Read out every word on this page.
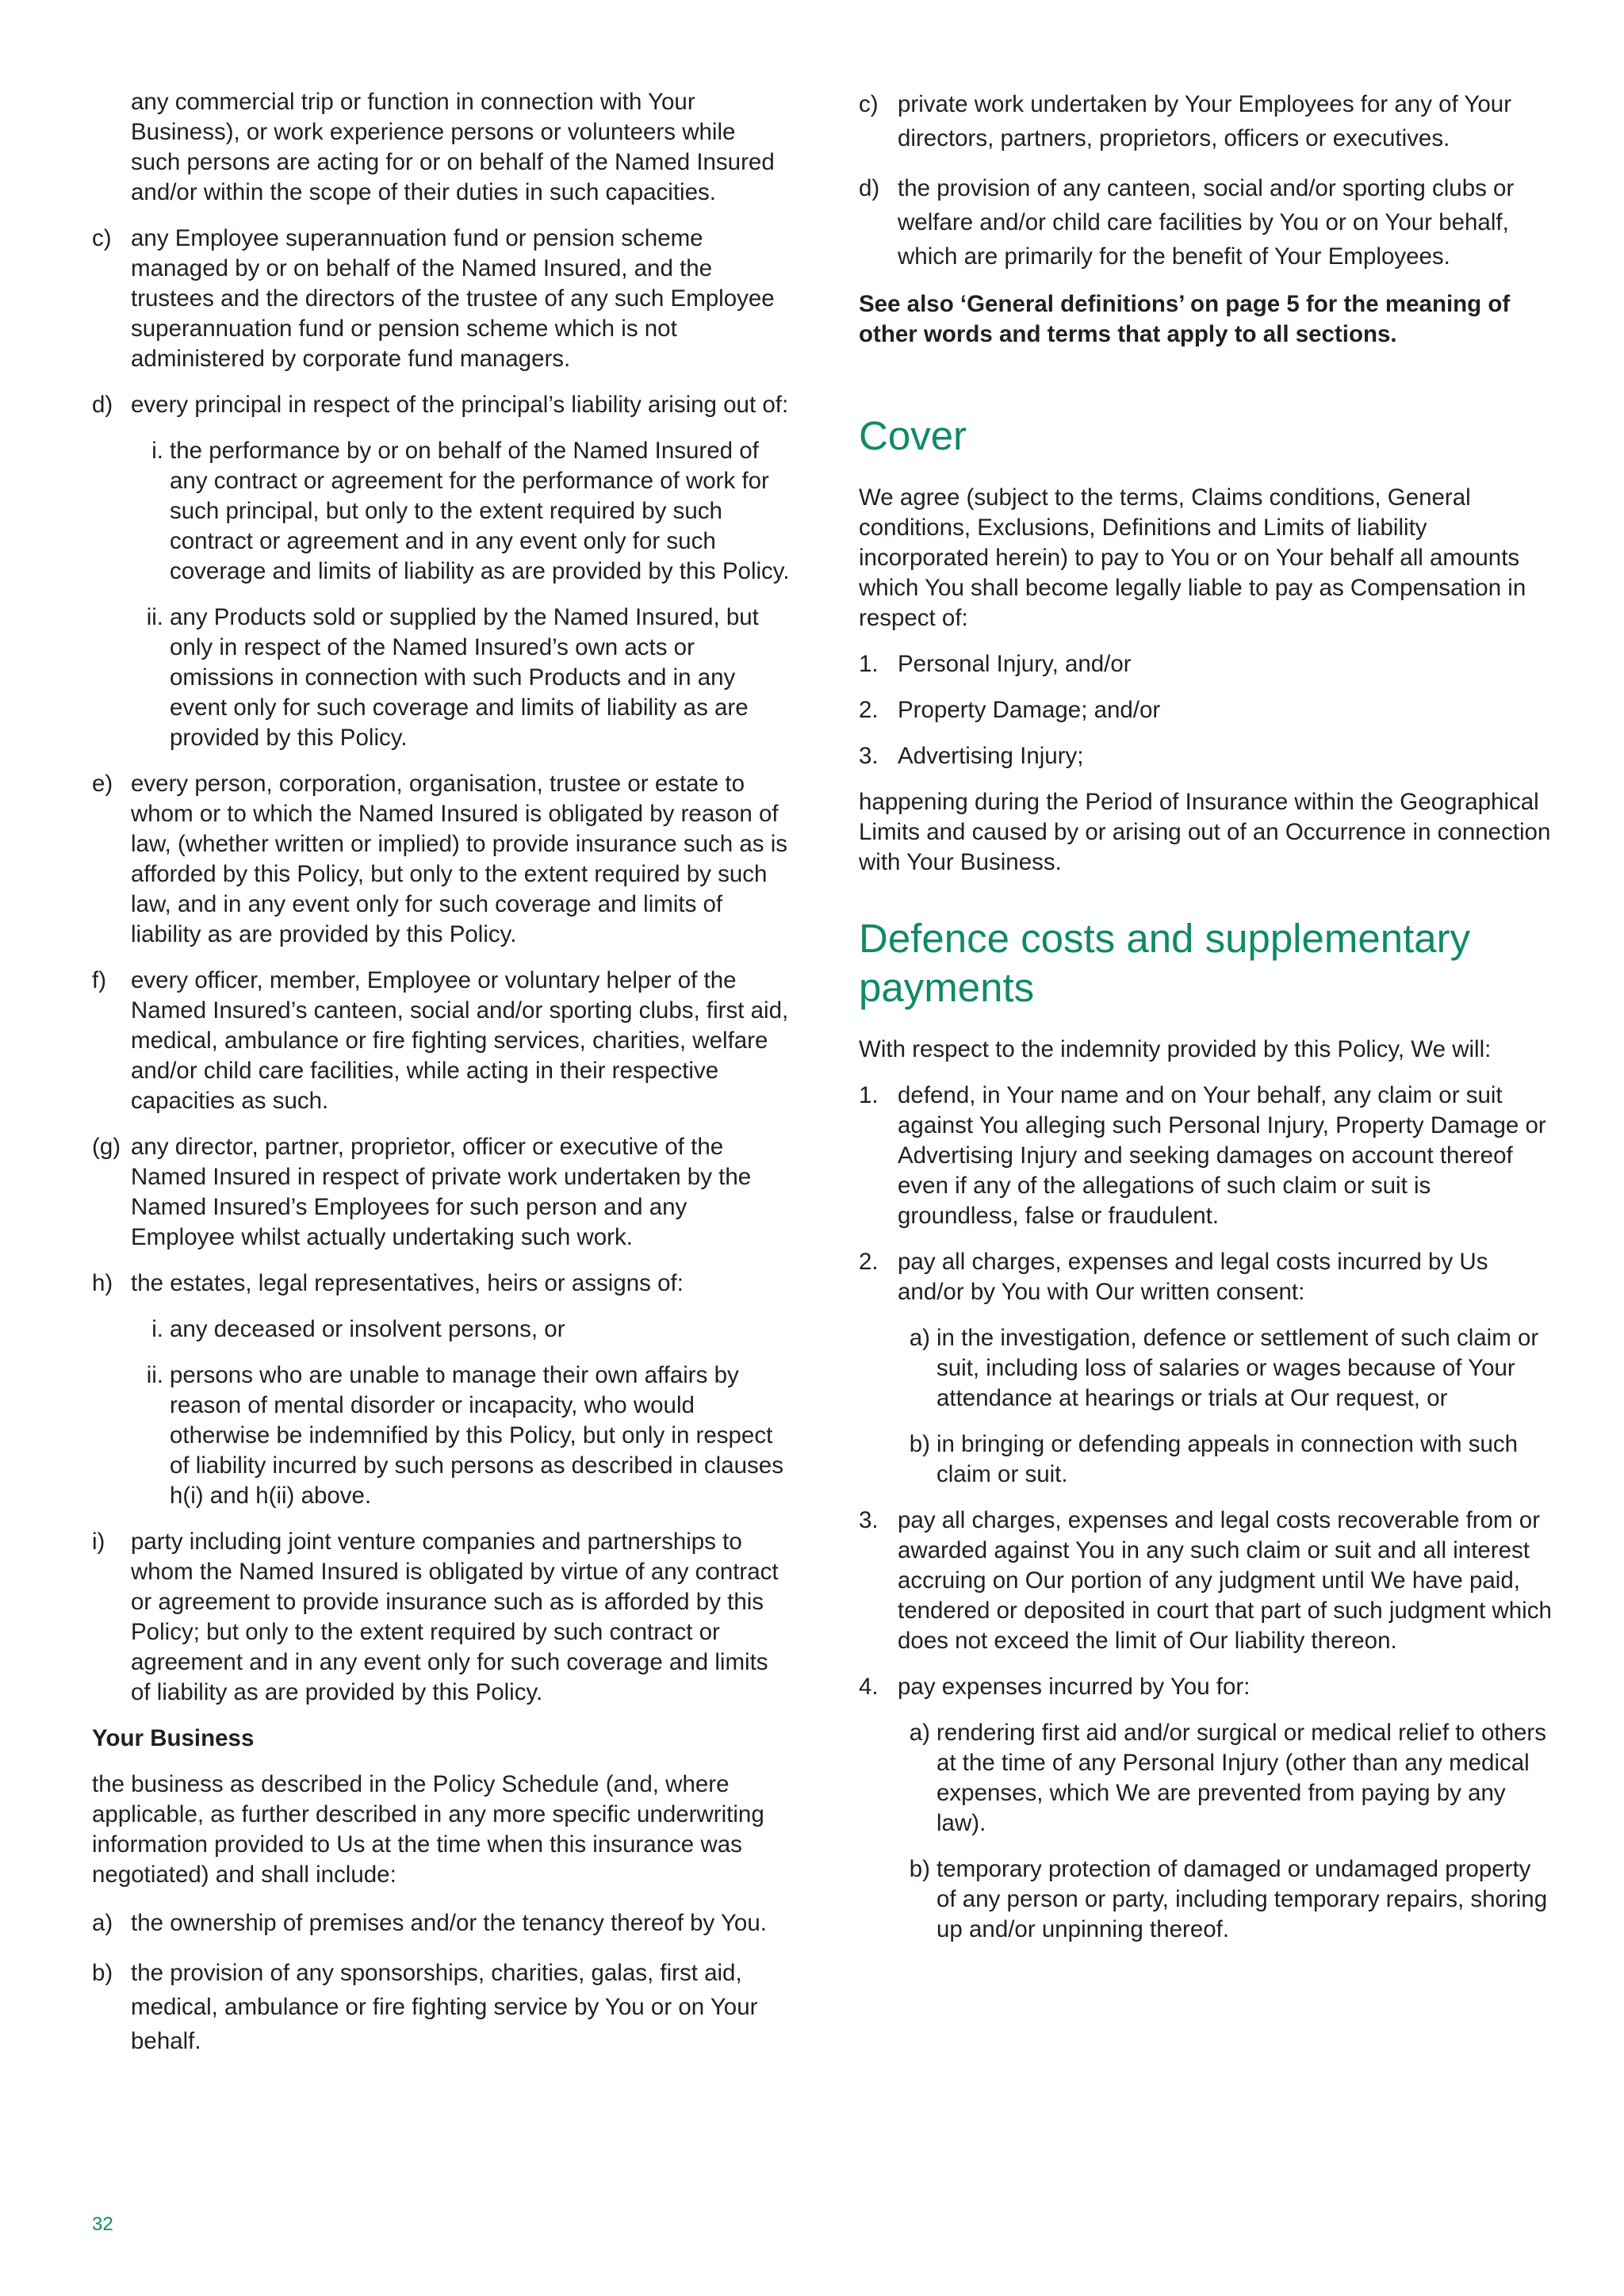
any commercial trip or function in connection with Your Business), or work experience persons or volunteers while such persons are acting for or on behalf of the Named Insured and/or within the scope of their duties in such capacities.

c) any Employee superannuation fund or pension scheme managed by or on behalf of the Named Insured, and the trustees and the directors of the trustee of any such Employee superannuation fund or pension scheme which is not administered by corporate fund managers.
d) every principal in respect of the principal’s liability arising out of:
i. the performance by or on behalf of the Named Insured of any contract or agreement for the performance of work for such principal, but only to the extent required by such contract or agreement and in any event only for such coverage and limits of liability as are provided by this Policy.
ii. any Products sold or supplied by the Named Insured, but only in respect of the Named Insured’s own acts or omissions in connection with such Products and in any event only for such coverage and limits of liability as are provided by this Policy.
e) every person, corporation, organisation, trustee or estate to whom or to which the Named Insured is obligated by reason of law, (whether written or implied) to provide insurance such as is afforded by this Policy, but only to the extent required by such law, and in any event only for such coverage and limits of liability as are provided by this Policy.
f)	every officer, member, Employee or voluntary helper of the Named Insured’s canteen, social and/or sporting clubs, first aid, medical, ambulance or fire fighting services, charities, welfare and/or child care facilities, while acting in their respective capacities as such.
(g) any director, partner, proprietor, officer or executive of the Named Insured in respect of private work undertaken by the Named Insured’s Employees for such person and any Employee whilst actually undertaking such work.
h) the estates, legal representatives, heirs or assigns of:
i. any deceased or insolvent persons, or
ii. persons who are unable to manage their own affairs by reason of mental disorder or incapacity, who would otherwise be indemnified by this Policy, but only in respect of liability incurred by such persons as described in clauses h(i) and h(ii) above.
i)	party including joint venture companies and partnerships to whom the Named Insured is obligated by virtue of any contract or agreement to provide insurance such as is afforded by this Policy; but only to the extent required by such contract or agreement and in any event only for such coverage and limits of liability as are provided by this Policy.

Your Business

the business as described in the Policy Schedule (and, where applicable, as further described in any more specific underwriting information provided to Us at the time when this insurance was negotiated) and shall include:

a) the ownership of premises and/or the tenancy thereof by You.
b) the provision of any sponsorships, charities, galas, first aid, medical, ambulance or fire fighting service by You or on Your behalf.
c) private work undertaken by Your Employees for any of Your directors, partners, proprietors, officers or executives.
d) the provision of any canteen, social and/or sporting clubs or welfare and/or child care facilities by You or on Your behalf, which are primarily for the benefit of Your Employees.

See also ‘General definitions’ on page 5 for the meaning of other words and terms that apply to all sections.

Cover

We agree (subject to the terms, Claims conditions, General conditions, Exclusions, Definitions and Limits of liability incorporated herein) to pay to You or on Your behalf all amounts which You shall become legally liable to pay as Compensation in respect of:

1. Personal Injury, and/or
2. Property Damage; and/or
3. Advertising Injury;

happening during the Period of Insurance within the Geographical Limits and caused by or arising out of an Occurrence in connection with Your Business.

Defence costs and supplementary payments

With respect to the indemnity provided by this Policy, We will:

1. defend, in Your name and on Your behalf, any claim or suit against You alleging such Personal Injury, Property Damage or Advertising Injury and seeking damages on account thereof even if any of the allegations of such claim or suit is groundless, false or fraudulent.
2. pay all charges, expenses and legal costs incurred by Us and/or by You with Our written consent:
a) in the investigation, defence or settlement of such claim or suit, including loss of salaries or wages because of Your attendance at hearings or trials at Our request, or
b) in bringing or defending appeals in connection with such claim or suit.
3. pay all charges, expenses and legal costs recoverable from or awarded against You in any such claim or suit and all interest accruing on Our portion of any judgment until We have paid, tendered or deposited in court that part of such judgment which does not exceed the limit of Our liability thereon.
4. pay expenses incurred by You for:
a) rendering first aid and/or surgical or medical relief to others at the time of any Personal Injury (other than any medical expenses, which We are prevented from paying by any law).
b) temporary protection of damaged or undamaged property of any person or party, including temporary repairs, shoring up and/or unpinning thereof.
32
